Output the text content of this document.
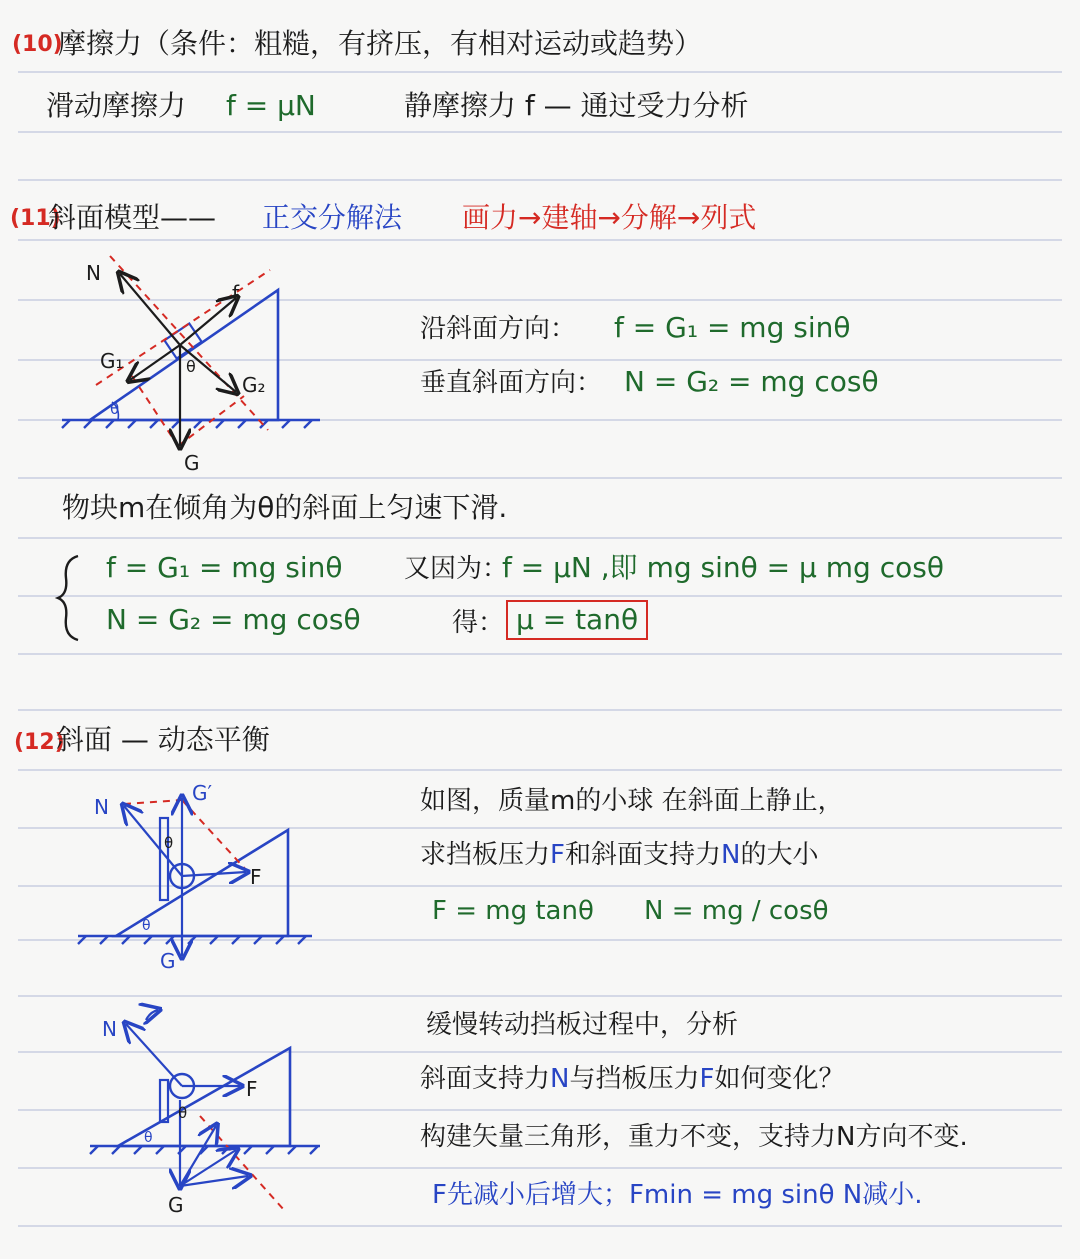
(10)
摩擦力（条件：粗糙，有挤压，有相对运动或趋势）
滑动摩擦力 f = μN	静摩擦力 f — 通过受力分析
(11)
斜面模型—— 正交分解法 画力→建轴→分解→列式
N
f
G₁
G₂
G
θ
θ
沿斜面方向： f = G₁ = mg sinθ
垂直斜面方向： N = G₂ = mg cosθ
物块m在倾角为θ的斜面上匀速下滑.
f = G₁ = mg sinθ
N = G₂ = mg cosθ
又因为：
f = μN ,即 mg sinθ = μ mg cosθ
得： μ = tanθ
(12)
斜面 — 动态平衡
N
G′
F
G
θ
θ
如图，质量m的小球 在斜面上静止，
求挡板压力F和斜面支持力N的大小
F = mg tanθ N = mg / cosθ
N
F
G
θ
θ
缓慢转动挡板过程中，分析
斜面支持力N与挡板压力F如何变化？
构建矢量三角形，重力不变，支持力N方向不变.
F先减小后增大；Fmin = mg sinθ N减小.
